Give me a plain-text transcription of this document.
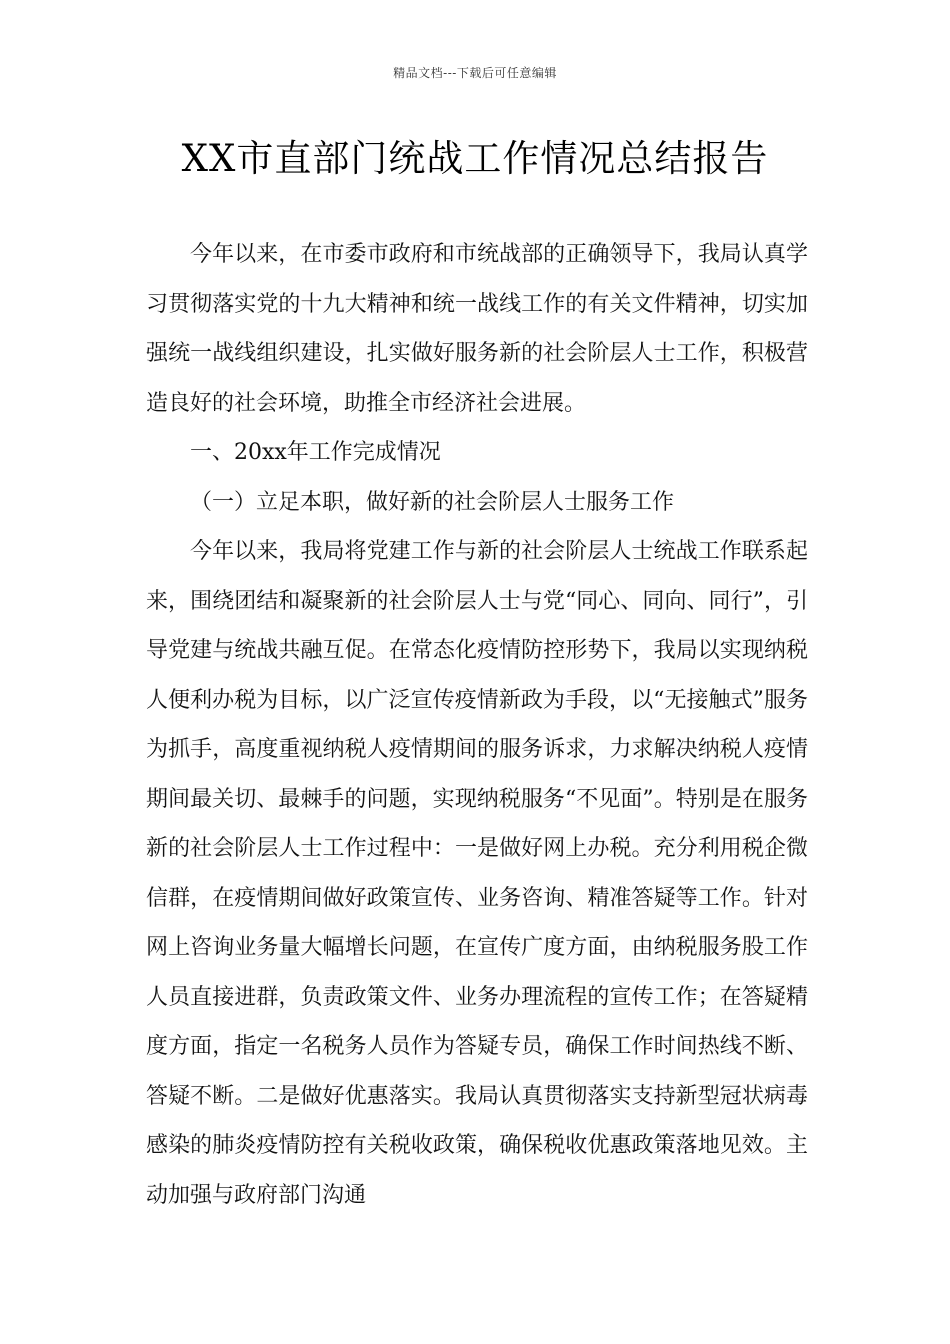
精品文档---下载后可任意编辑
XX市直部门统战工作情况总结报告

今年以来，在市委市政府和市统战部的正确领导下，我局认真学习贯彻落实党的十九大精神和统一战线工作的有关文件精神，切实加强统一战线组织建设，扎实做好服务新的社会阶层人士工作，积极营造良好的社会环境，助推全市经济社会进展。

一、20xx年工作完成情况

（一）立足本职，做好新的社会阶层人士服务工作

今年以来，我局将党建工作与新的社会阶层人士统战工作联系起来，围绕团结和凝聚新的社会阶层人士与党“同心、同向、同行”，引导党建与统战共融互促。在常态化疫情防控形势下，我局以实现纳税人便利办税为目标，以广泛宣传疫情新政为手段，以“无接触式”服务为抓手，高度重视纳税人疫情期间的服务诉求，力求解决纳税人疫情期间最关切、最棘手的问题，实现纳税服务“不见面”。特别是在服务新的社会阶层人士工作过程中：一是做好网上办税。充分利用税企微信群，在疫情期间做好政策宣传、业务咨询、精准答疑等工作。针对网上咨询业务量大幅增长问题，在宣传广度方面，由纳税服务股工作人员直接进群，负责政策文件、业务办理流程的宣传工作；在答疑精度方面，指定一名税务人员作为答疑专员，确保工作时间热线不断、答疑不断。二是做好优惠落实。我局认真贯彻落实支持新型冠状病毒感染的肺炎疫情防控有关税收政策，确保税收优惠政策落地见效。主动加强与政府部门沟通
